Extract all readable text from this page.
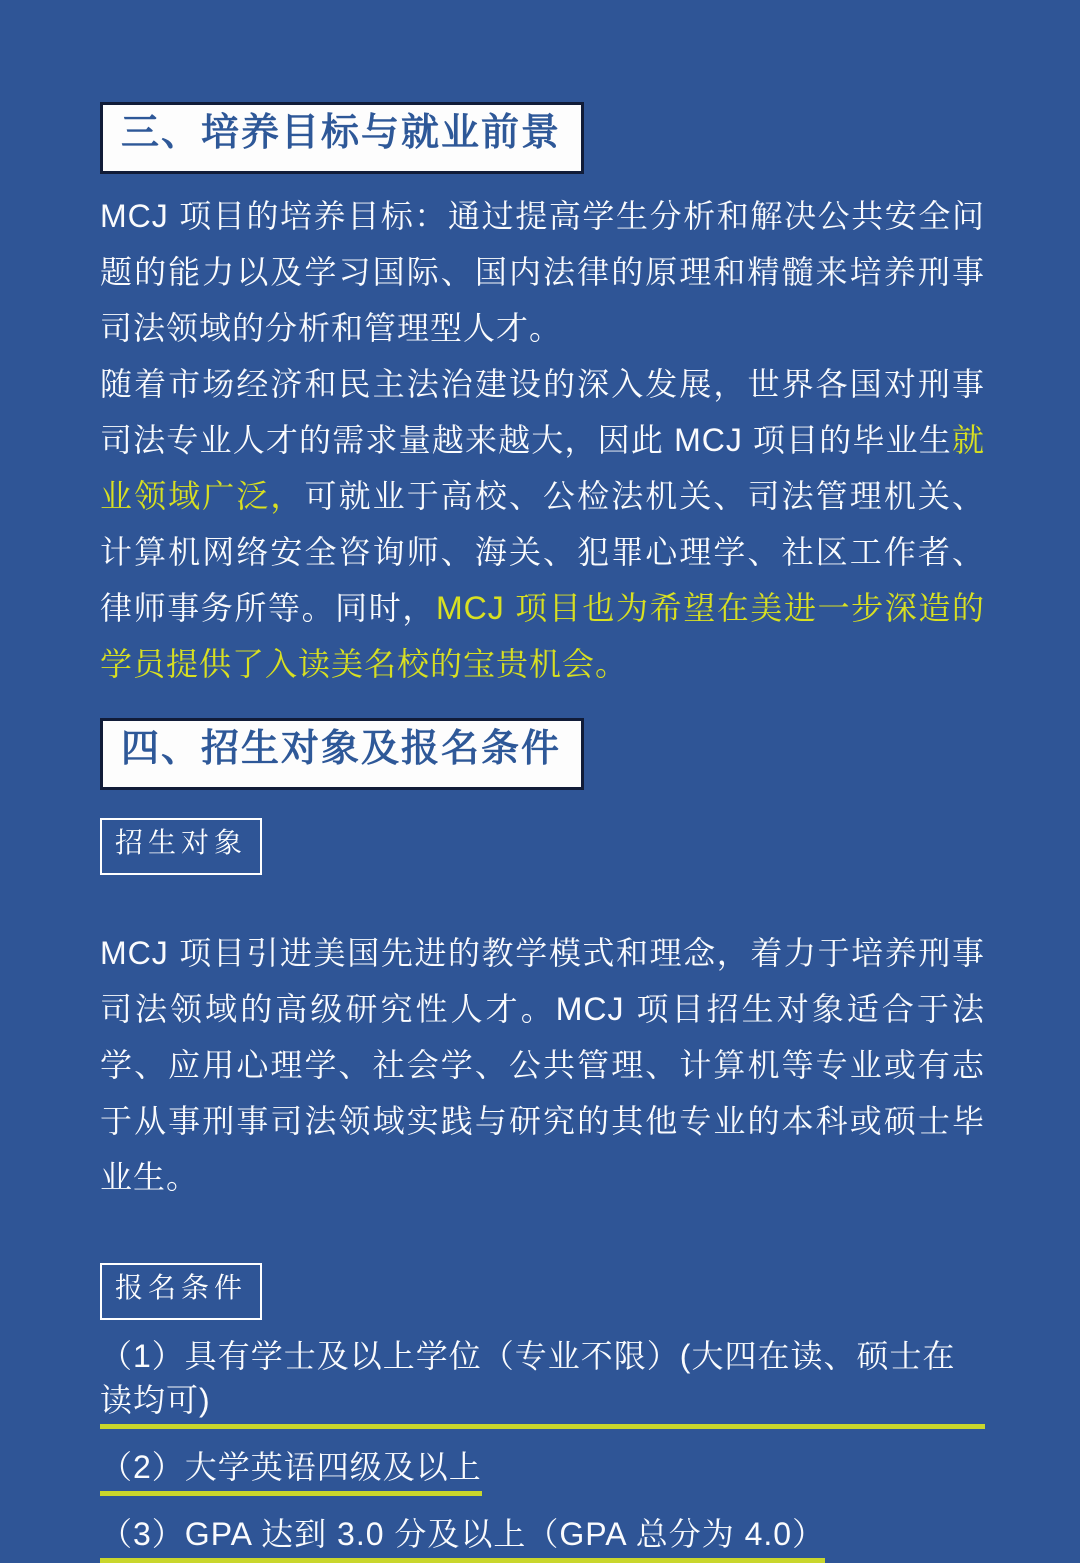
三、培养目标与就业前景

MCJ 项目的培养目标：通过提高学生分析和解决公共安全问题的能力以及学习国际、国内法律的原理和精髓来培养刑事司法领域的分析和管理型人才。

随着市场经济和民主法治建设的深入发展，世界各国对刑事司法专业人才的需求量越来越大，因此 MCJ 项目的毕业生就业领域广泛，可就业于高校、公检法机关、司法管理机关、计算机网络安全咨询师、海关、犯罪心理学、社区工作者、律师事务所等。同时，MCJ 项目也为希望在美进一步深造的学员提供了入读美名校的宝贵机会。

四、招生对象及报名条件
招生对象

MCJ 项目引进美国先进的教学模式和理念，着力于培养刑事司法领域的高级研究性人才。MCJ 项目招生对象适合于法学、应用心理学、社会学、公共管理、计算机等专业或有志于从事刑事司法领域实践与研究的其他专业的本科或硕士毕业生。

报名条件
（1）具有学士及以上学位（专业不限）(大四在读、硕士在读均可)
（2）大学英语四级及以上
（3）GPA 达到 3.0 分及以上（GPA 总分为 4.0）
